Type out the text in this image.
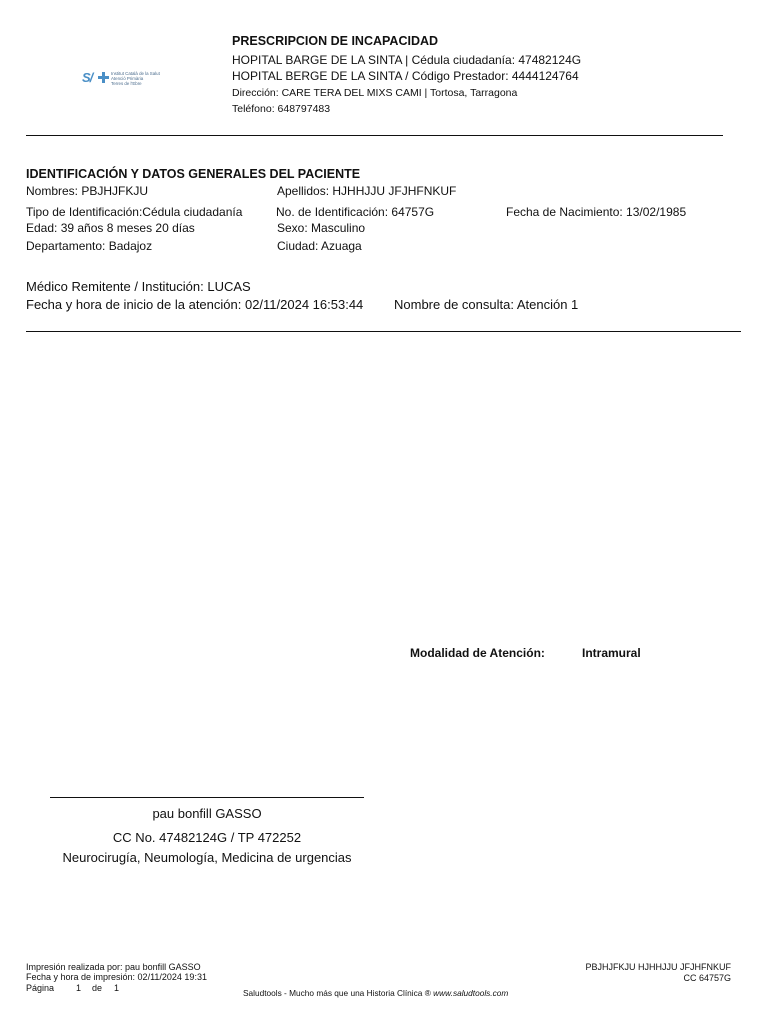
S/	Institut Català de la Salut
Atenció Primària
Terres de l'Ebre
PRESCRIPCION DE INCAPACIDAD
HOPITAL BARGE DE LA SINTA | Cédula ciudadanía: 47482124G
HOPITAL BERGE DE LA SINTA / Código Prestador: 4444124764
Dirección: CARE TERA DEL MIXS CAMI | Tortosa, Tarragona
Teléfono: 648797483
IDENTIFICACIÓN Y DATOS GENERALES DEL PACIENTE
Nombres: PBJHJFKJU	Apellidos: HJHHJJU JFJHFNKUF
Tipo de Identificación:Cédula ciudadanía	No. de Identificación: 64757G	Fecha de Nacimiento: 13/02/1985
Edad: 39 años 8 meses 20 días	Sexo: Masculino
Departamento: Badajoz	Ciudad: Azuaga
Médico Remitente / Institución: LUCAS
Fecha y hora de inicio de la atención: 02/11/2024 16:53:44 Nombre de consulta: Atención 1
Modalidad de Atención:	Intramural
pau bonfill GASSO
CC No. 47482124G / TP 472252
Neurocirugía, Neumología, Medicina de urgencias
Impresión realizada por: pau bonfill GASSO
Fecha y hora de impresión: 02/11/2024 19:31
Página 1 de 1	Saludtools - Mucho más que una Historia Clínica ® www.saludtools.com
PBJHJFKJU HJHHJJU JFJHFNKUF
CC 64757G
